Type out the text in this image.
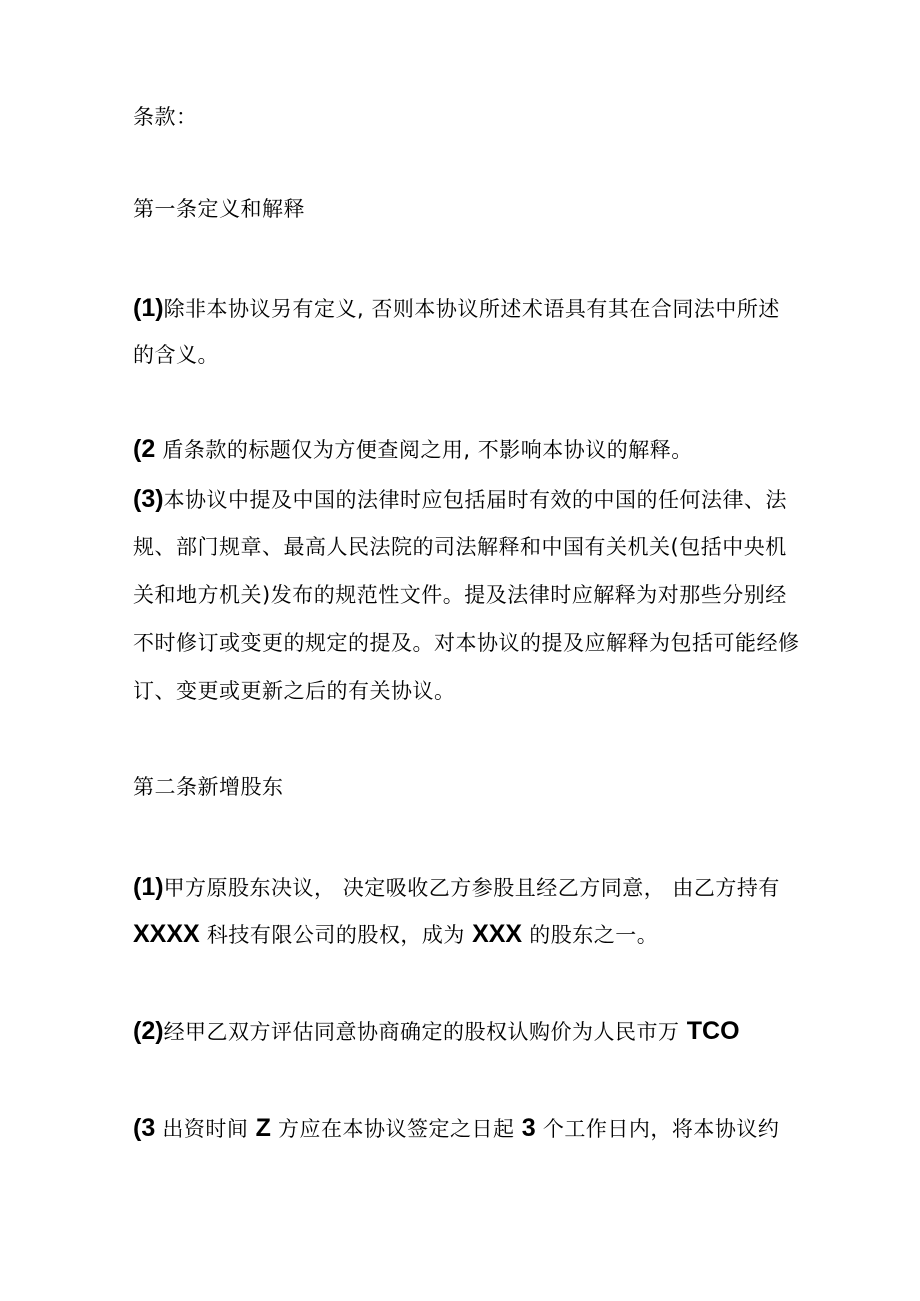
条款：
第一条定义和解释
(1)除非本协议另有定义, 否则本协议所述术语具有其在合同法中所述
的含义。
(2 盾条款的标题仅为方便查阅之用, 不影响本协议的解释。
(3)本协议中提及中国的法律时应包括届时有效的中国的任何法律、法
规、部门规章、最高人民法院的司法解释和中国有关机关(包括中央机
关和地方机关)发布的规范性文件。提及法律时应解释为对那些分别经
不时修订或变更的规定的提及。对本协议的提及应解释为包括可能经修
订、变更或更新之后的有关协议。
第二条新增股东
(1)甲方原股东决议， 决定吸收乙方参股且经乙方同意， 由乙方持有
XXXX 科技有限公司的股权，成为 XXX 的股东之一。
(2)经甲乙双方评估同意协商确定的股权认购价为人民市万 TCO
(3 出资时间 Z 方应在本协议签定之日起 3 个工作日内，将本协议约
